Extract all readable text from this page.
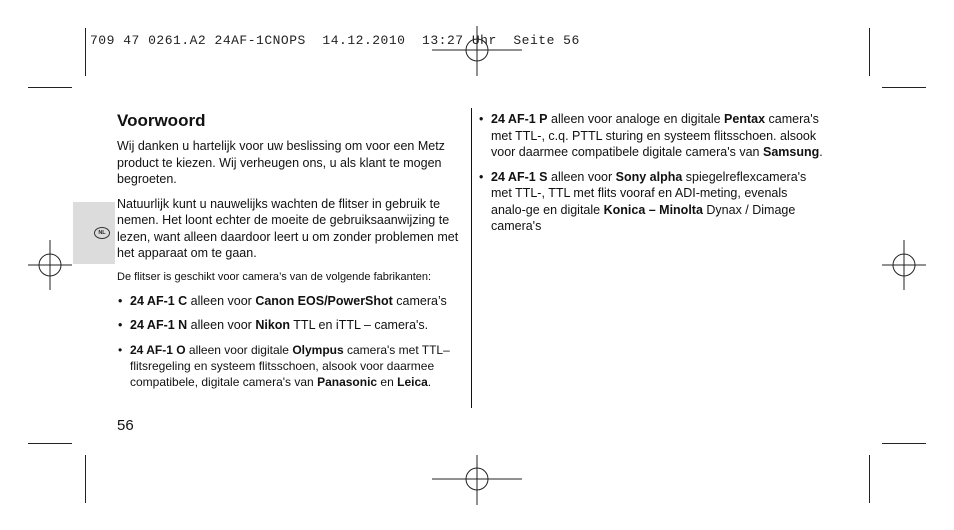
709 47 0261.A2 24AF-1CNOPS  14.12.2010  13:27 Uhr  Seite 56
NL
Voorwoord

Wij danken u hartelijk voor uw beslissing om voor een Metz product te kiezen. Wij verheugen ons, u als klant te mogen begroeten.

Natuurlijk kunt u nauwelijks wachten de flitser in gebruik te nemen. Het loont echter de moeite de gebruiksaanwijzing te lezen, want alleen daardoor leert u om zonder problemen met het apparaat om te gaan.

De flitser is geschikt voor camera’s van de volgende fabrikanten:

• 24 AF-1 C alleen voor Canon EOS/PowerShot camera’s
• 24 AF-1 N alleen voor Nikon TTL en iTTL – camera's.
• 24 AF-1 O alleen voor digitale Olympus camera's met TTL–flitsregeling en systeem flitsschoen, alsook voor daarmee compatibele, digitale camera's van Panasonic en Leica.
• 24 AF-1 P alleen voor analoge en digitale Pentax camera's met TTL-, c.q. PTTL sturing en systeem flitsschoen. alsook voor daarmee compatibele digitale camera's van Samsung.
• 24 AF-1 S alleen voor Sony alpha spiegelreflexcamera's met TTL-, TTL met flits vooraf en ADI-meting, evenals analo-ge en digitale Konica – Minolta Dynax / Dimage camera's
56
